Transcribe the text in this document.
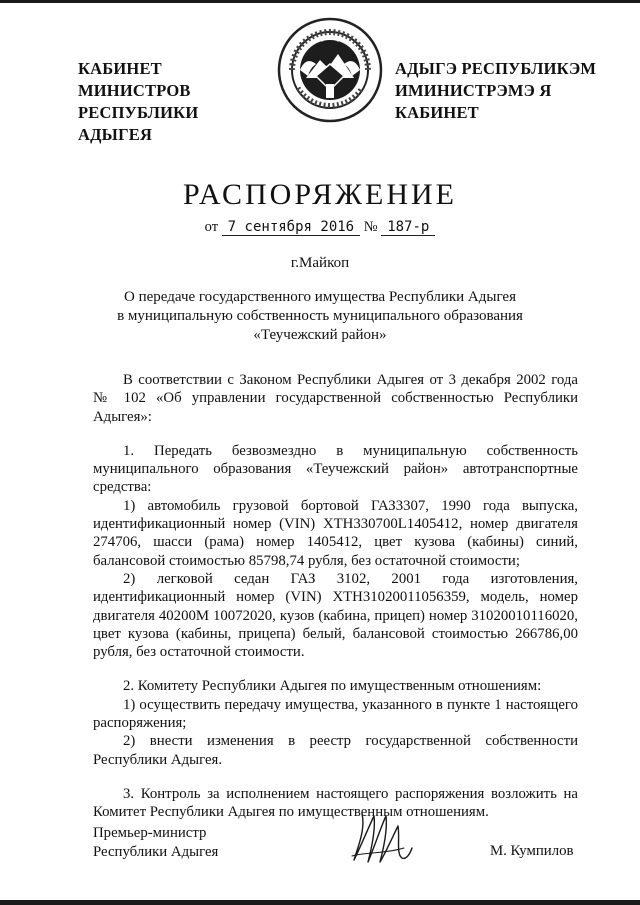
КАБИНЕТ МИНИСТРОВ
РЕСПУБЛИКИ АДЫГЕЯ
АДЫГЭ РЕСПУБЛИКЭМ
ИМИНИСТРЭМЭ Я КАБИНЕТ
РАСПОРЯЖЕНИЕ
от 7 сентября 2016 № 187-р
г.Майкоп
О передаче государственного имущества Республики Адыгея
в муниципальную собственность муниципального образования
«Теучежский район»

В соответствии с Законом Республики Адыгея от 3 декабря 2002 года № 102 «Об управлении государственной собственностью Республики Адыгея»:

1. Передать безвозмездно в муниципальную собственность муниципального образования «Теучежский район» автотранспортные средства:

1) автомобиль грузовой бортовой ГАЗ3307, 1990 года выпуска, идентификационный номер (VIN) ХТН330700L1405412, номер двигателя 274706, шасси (рама) номер 1405412, цвет кузова (кабины) синий, балансовой стоимостью 85798,74 рубля, без остаточной стоимости;

2) легковой седан ГАЗ 3102, 2001 года изготовления, идентификационный номер (VIN) ХТН31020011056359, модель, номер двигателя 40200М 10072020, кузов (кабина, прицеп) номер 31020010116020, цвет кузова (кабины, прицепа) белый, балансовой стоимостью 266786,00 рубля, без остаточной стоимости.

2. Комитету Республики Адыгея по имущественным отношениям:

1) осуществить передачу имущества, указанного в пункте 1 настоящего распоряжения;

2) внести изменения в реестр государственной собственности Республики Адыгея.

3. Контроль за исполнением настоящего распоряжения возложить на Комитет Республики Адыгея по имущественным отношениям.

Премьер-министр
Республики Адыгея	М. Кумпилов
